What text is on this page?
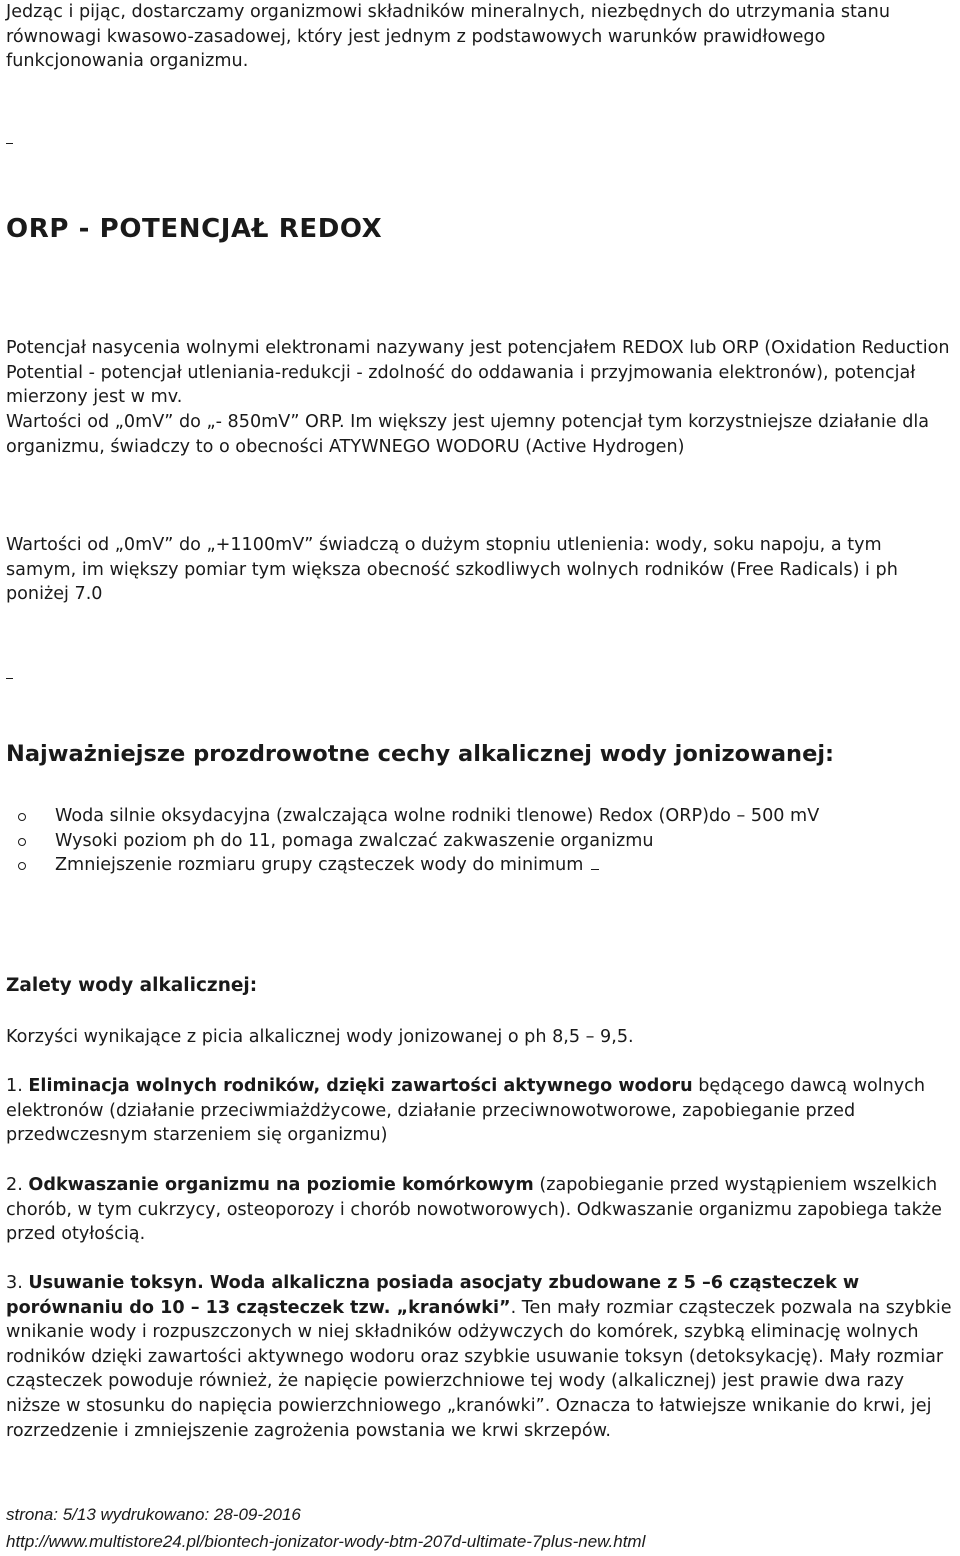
Jedząc i pijąc, dostarczamy organizmowi składników mineralnych, niezbędnych do utrzymania stanu równowagi kwasowo-zasadowej, który jest jednym z podstawowych warunków prawidłowego funkcjonowania organizmu.

ORP - POTENCJAŁ REDOX

Potencjał nasycenia wolnymi elektronami nazywany jest potencjałem REDOX lub ORP (Oxidation Reduction Potential - potencjał utleniania-redukcji - zdolność do oddawania i przyjmowania elektronów), potencjał mierzony jest w mv.

Wartości od „0mV” do „- 850mV” ORP. Im większy jest ujemny potencjał tym korzystniejsze działanie dla organizmu, świadczy to o obecności ATYWNEGO WODORU (Active Hydrogen)

Wartości od „0mV” do „+1100mV” świadczą o dużym stopniu utlenienia: wody, soku napoju, a tym samym, im większy pomiar tym większa obecność szkodliwych wolnych rodników (Free Radicals) i ph poniżej 7.0

Najważniejsze prozdrowotne cechy alkalicznej wody jonizowanej:
Woda silnie oksydacyjna (zwalczająca wolne rodniki tlenowe) Redox (ORP)do – 500 mV
Wysoki poziom ph do 11, pomaga zwalczać zakwaszenie organizmu
Zmniejszenie rozmiaru grupy cząsteczek wody do minimum
Zalety wody alkalicznej:

Korzyści wynikające z picia alkalicznej wody jonizowanej o ph 8,5 – 9,5.

1. Eliminacja wolnych rodników, dzięki zawartości aktywnego wodoru będącego dawcą wolnych elektronów (działanie przeciwmiażdżycowe, działanie przeciwnowotworowe, zapobieganie przed przedwczesnym starzeniem się organizmu)

2. Odkwaszanie organizmu na poziomie komórkowym (zapobieganie przed wystąpieniem wszelkich chorób, w tym cukrzycy, osteoporozy i chorób nowotworowych). Odkwaszanie organizmu zapobiega także przed otyłością.

3. Usuwanie toksyn. Woda alkaliczna posiada asocjaty zbudowane z 5 –6 cząsteczek w porównaniu do 10 – 13 cząsteczek tzw. „kranówki”. Ten mały rozmiar cząsteczek pozwala na szybkie wnikanie wody i rozpuszczonych w niej składników odżywczych do komórek, szybką eliminację wolnych rodników dzięki zawartości aktywnego wodoru oraz szybkie usuwanie toksyn (detoksykację). Mały rozmiar cząsteczek powoduje również, że napięcie powierzchniowe tej wody (alkalicznej) jest prawie dwa razy niższe w stosunku do napięcia powierzchniowego „kranówki”. Oznacza to łatwiejsze wnikanie do krwi, jej rozrzedzenie i zmniejszenie zagrożenia powstania we krwi skrzepów.

strona: 5/13 wydrukowano: 28-09-2016
http://www.multistore24.pl/biontech-jonizator-wody-btm-207d-ultimate-7plus-new.html
